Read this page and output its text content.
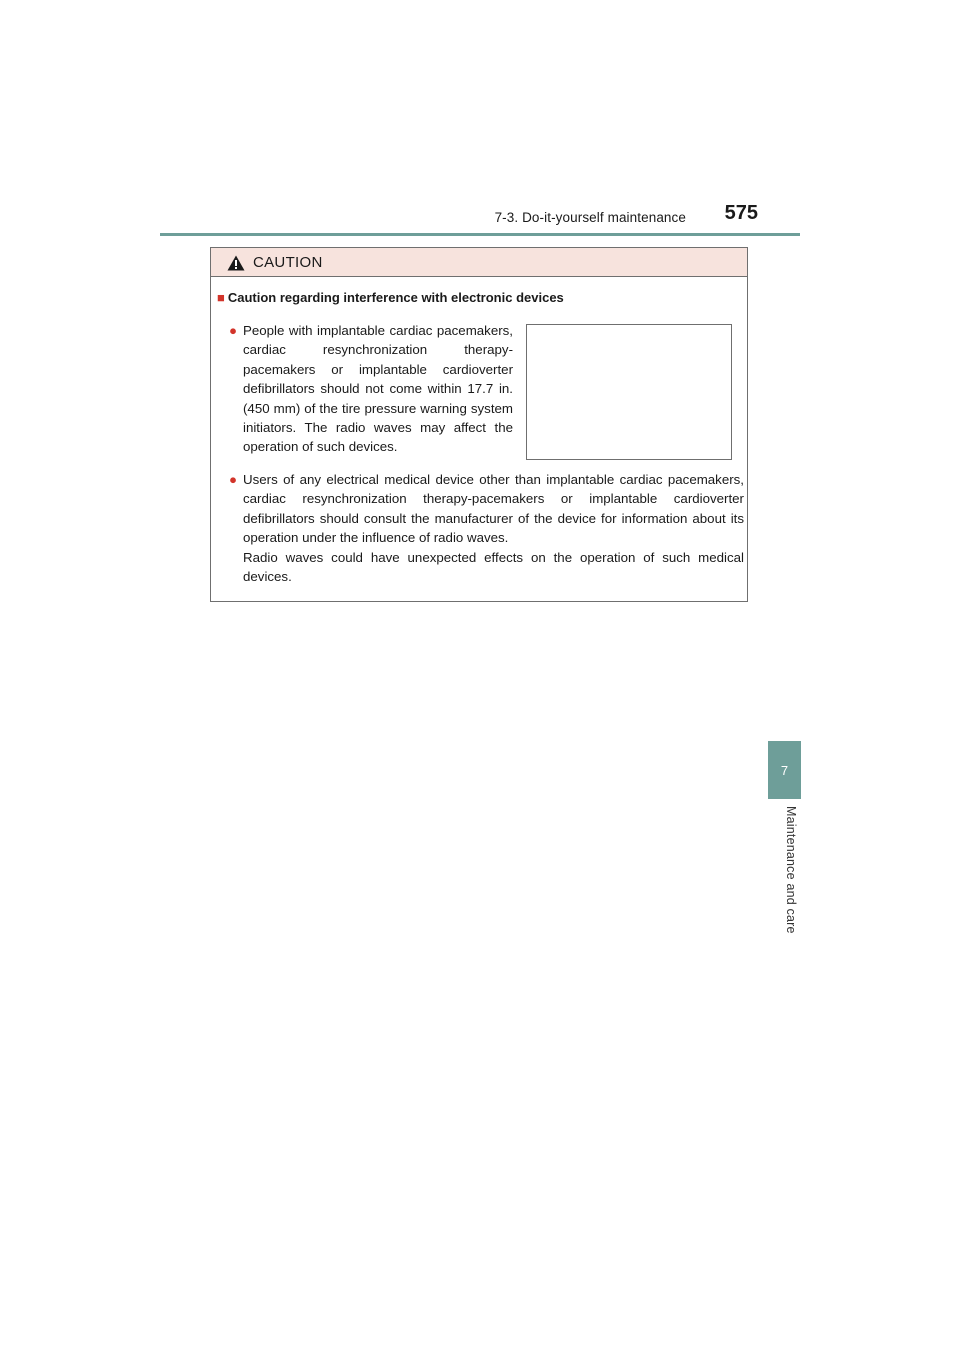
7-3. Do-it-yourself maintenance 575
7
Maintenance and care
CAUTION
■ Caution regarding interference with electronic devices
● People with implantable cardiac pacemakers, cardiac resynchronization therapy-pacemakers or implantable cardioverter defibrillators should not come within 17.7 in. (450 mm) of the tire pressure warning system initiators. The radio waves may affect the operation of such devices.

● Users of any electrical medical device other than implantable cardiac pacemakers, cardiac resynchronization therapy-pacemakers or implantable cardioverter defibrillators should consult the manufacturer of the device for information about its operation under the influence of radio waves.

Radio waves could have unexpected effects on the operation of such medical devices.
